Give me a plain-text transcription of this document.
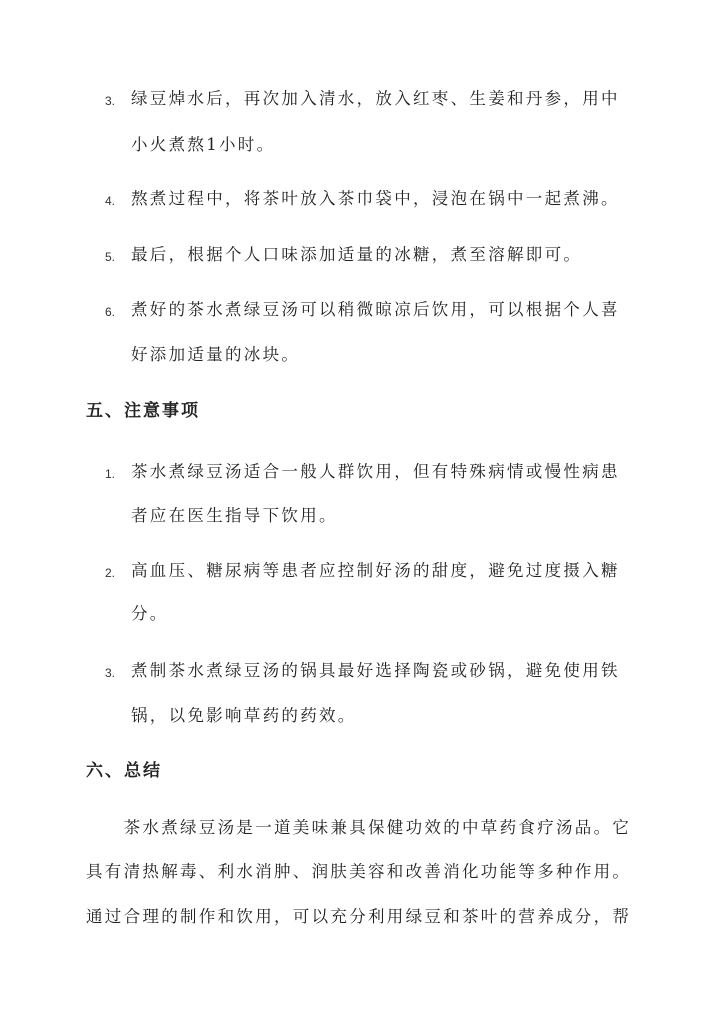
3. 绿豆焯水后，再次加入清水，放入红枣、生姜和丹参，用中
小火煮熬1小时。
4. 熬煮过程中，将茶叶放入茶巾袋中，浸泡在锅中一起煮沸。
5. 最后，根据个人口味添加适量的冰糖，煮至溶解即可。
6. 煮好的茶水煮绿豆汤可以稍微晾凉后饮用，可以根据个人喜
好添加适量的冰块。
五、注意事项
1. 茶水煮绿豆汤适合一般人群饮用，但有特殊病情或慢性病患
者应在医生指导下饮用。
2. 高血压、糖尿病等患者应控制好汤的甜度，避免过度摄入糖
分。
3. 煮制茶水煮绿豆汤的锅具最好选择陶瓷或砂锅，避免使用铁
锅，以免影响草药的药效。
六、总结
　　茶水煮绿豆汤是一道美味兼具保健功效的中草药食疗汤品。它
具有清热解毒、利水消肿、润肤美容和改善消化功能等多种作用。
通过合理的制作和饮用，可以充分利用绿豆和茶叶的营养成分，帮
